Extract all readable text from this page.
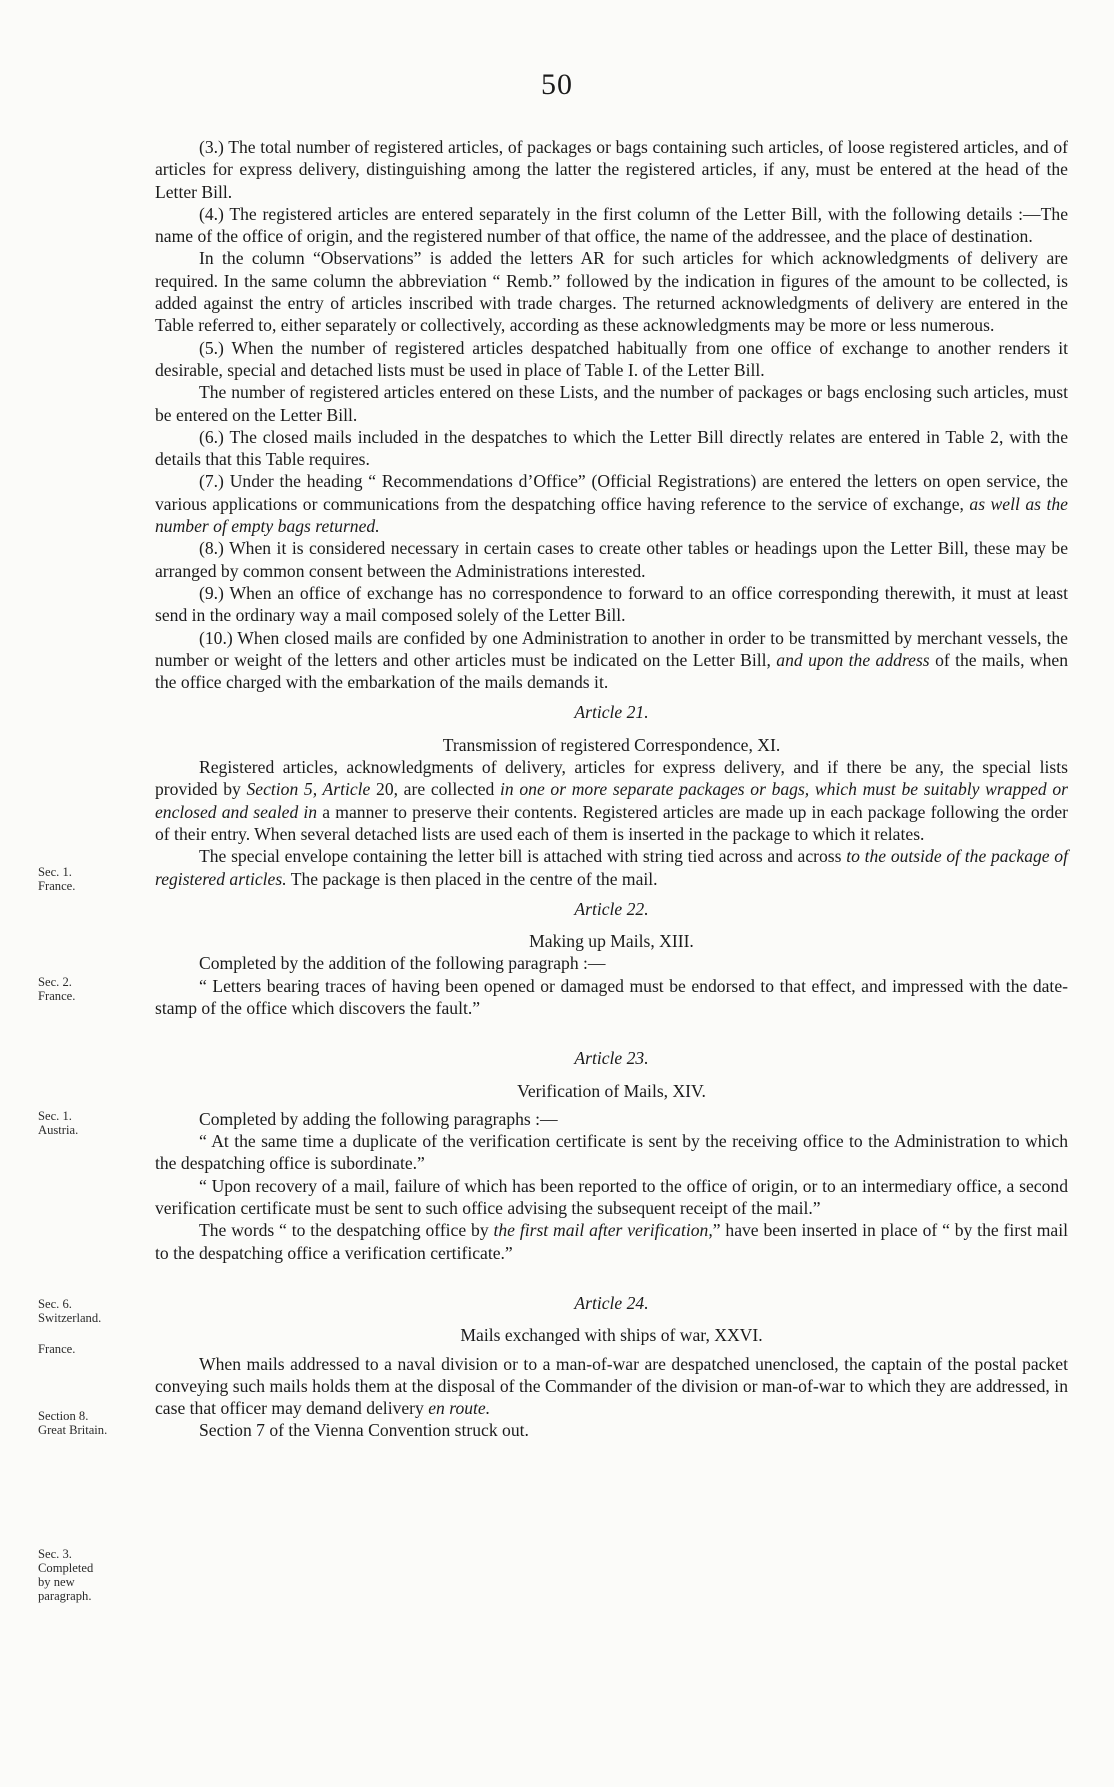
50
Sec. 1.
France.
Sec. 2.
France.
Sec. 1.
Austria.
Sec. 6.
Switzerland.
France.
Section 8.
Great Britain.
Sec. 3.
Completed
by new
paragraph.

(3.) The total number of registered articles, of packages or bags containing such articles, of loose registered articles, and of articles for express delivery, distinguishing among the latter the registered articles, if any, must be entered at the head of the Letter Bill.

(4.) The registered articles are entered separately in the first column of the Letter Bill, with the following details :—The name of the office of origin, and the registered number of that office, the name of the addressee, and the place of destination.

In the column “Observations” is added the letters AR for such articles for which acknowledgments of delivery are required. In the same column the abbreviation “ Remb.” followed by the indication in figures of the amount to be collected, is added against the entry of articles inscribed with trade charges. The returned acknowledgments of delivery are entered in the Table referred to, either separately or collectively, according as these acknowledgments may be more or less numerous.

(5.) When the number of registered articles despatched habitually from one office of exchange to another renders it desirable, special and detached lists must be used in place of Table I. of the Letter Bill.

The number of registered articles entered on these Lists, and the number of packages or bags enclosing such articles, must be entered on the Letter Bill.

(6.) The closed mails included in the despatches to which the Letter Bill directly relates are entered in Table 2, with the details that this Table requires.

(7.) Under the heading “ Recommendations d’Office” (Official Registrations) are entered the letters on open service, the various applications or communications from the despatching office having reference to the service of exchange, as well as the number of empty bags returned.

(8.) When it is considered necessary in certain cases to create other tables or headings upon the Letter Bill, these may be arranged by common consent between the Administrations interested.

(9.) When an office of exchange has no correspondence to forward to an office corresponding therewith, it must at least send in the ordinary way a mail composed solely of the Letter Bill.

(10.) When closed mails are confided by one Administration to another in order to be transmitted by merchant vessels, the number or weight of the letters and other articles must be indicated on the Letter Bill, and upon the address of the mails, when the office charged with the embarkation of the mails demands it.

Article 21.
Transmission of registered Correspondence, XI.

Registered articles, acknowledgments of delivery, articles for express delivery, and if there be any, the special lists provided by Section 5, Article 20, are collected in one or more separate packages or bags, which must be suitably wrapped or enclosed and sealed in a manner to preserve their contents. Registered articles are made up in each package following the order of their entry. When several detached lists are used each of them is inserted in the package to which it relates.

The special envelope containing the letter bill is attached with string tied across and across to the outside of the package of registered articles. The package is then placed in the centre of the mail.

Article 22.
Making up Mails, XIII.

Completed by the addition of the following paragraph :—

“ Letters bearing traces of having been opened or damaged must be endorsed to that effect, and impressed with the date-stamp of the office which discovers the fault.”

Article 23.
Verification of Mails, XIV.

Completed by adding the following paragraphs :—

“ At the same time a duplicate of the verification certificate is sent by the receiving office to the Administration to which the despatching office is subordinate.”

“ Upon recovery of a mail, failure of which has been reported to the office of origin, or to an intermediary office, a second verification certificate must be sent to such office advising the subsequent receipt of the mail.”

The words “ to the despatching office by the first mail after verification,” have been inserted in place of “ by the first mail to the despatching office a verification certificate.”

Article 24.
Mails exchanged with ships of war, XXVI.

When mails addressed to a naval division or to a man-of-war are despatched unenclosed, the captain of the postal packet conveying such mails holds them at the disposal of the Commander of the division or man-of-war to which they are addressed, in case that officer may demand delivery en route.

Section 7 of the Vienna Convention struck out.
